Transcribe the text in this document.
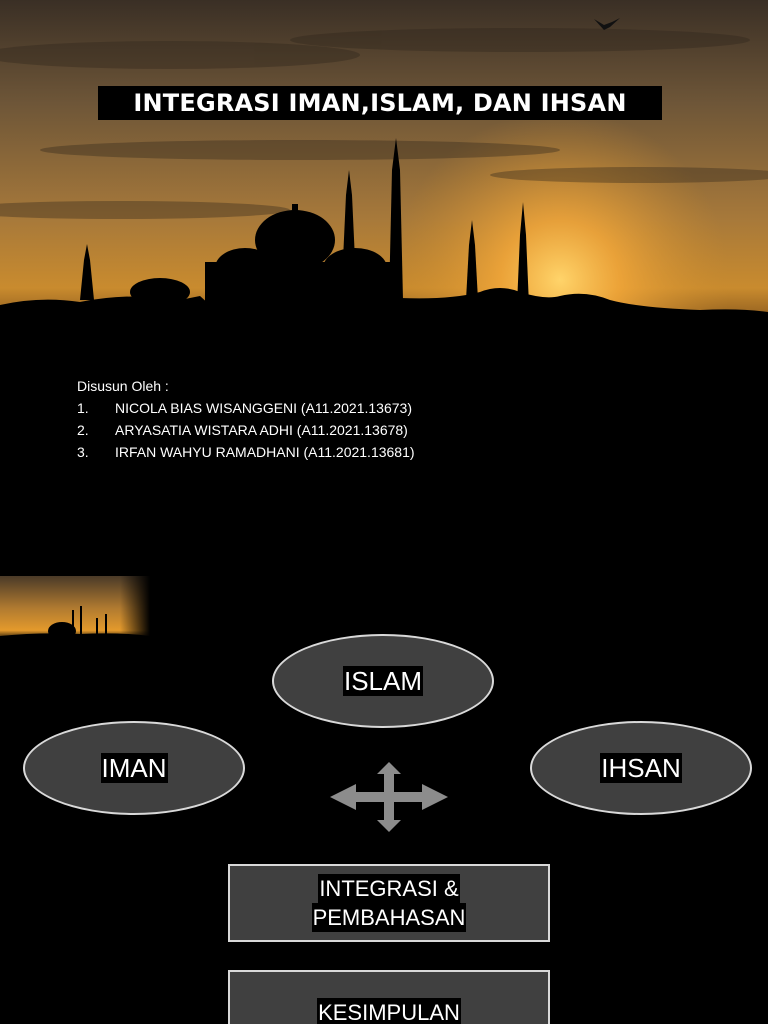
INTEGRASI IMAN,ISLAM, DAN IHSAN

Disusun Oleh :

1.	NICOLA BIAS WISANGGENI (A11.2021.13673)
2.	ARYASATIA WISTARA ADHI (A11.2021.13678)
3.	IRFAN WAHYU RAMADHANI (A11.2021.13681)
ISLAM
IMAN	IHSAN
INTEGRASI &
PEMBAHASAN
KESIMPULAN
